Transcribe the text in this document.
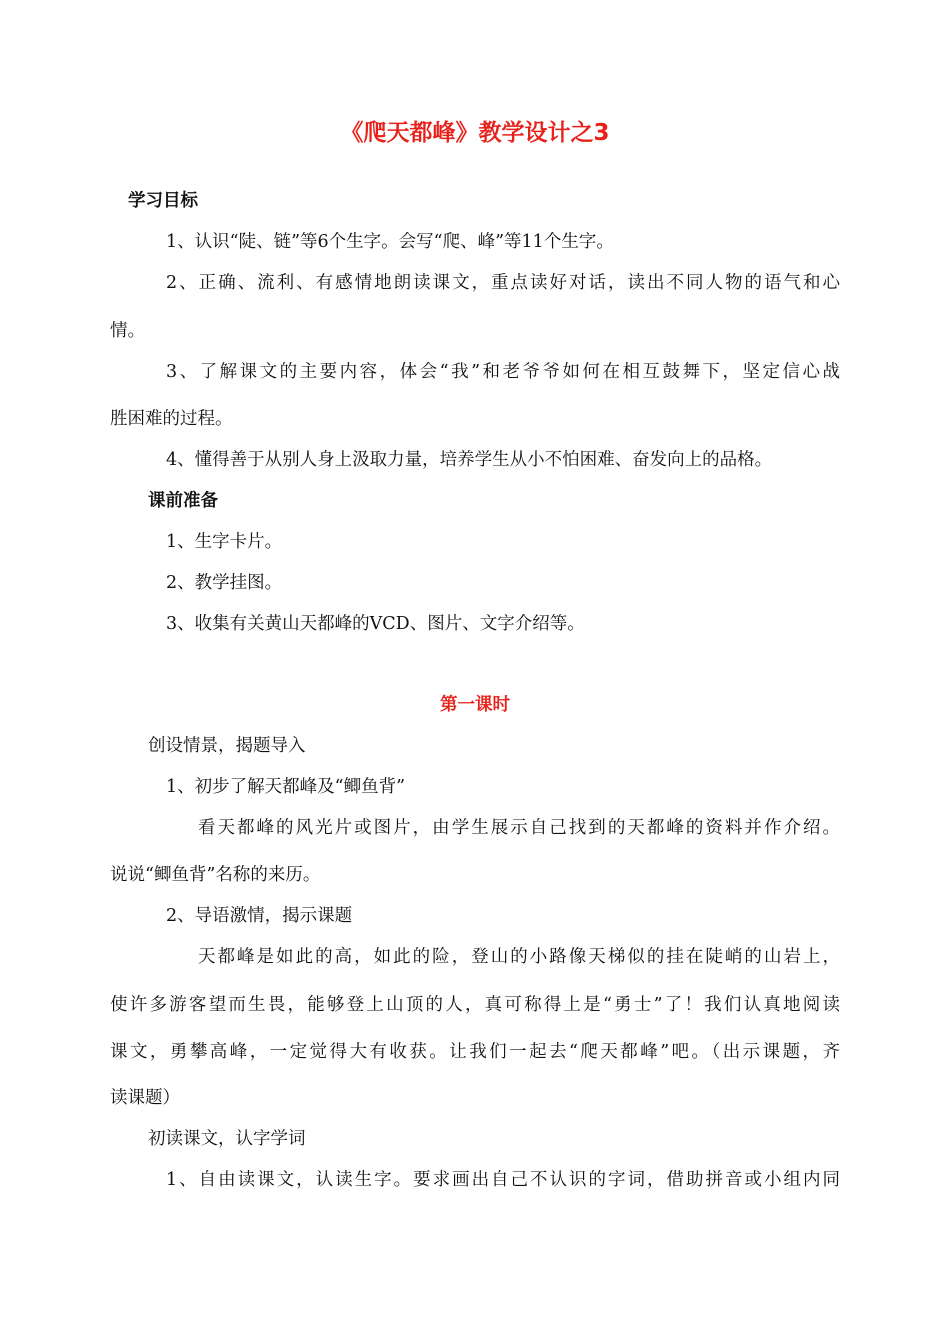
《爬天都峰》教学设计之3
学习目标
1、认识“陡、链”等6个生字。会写“爬、峰”等11个生字。
2、正确、流利、有感情地朗读课文，重点读好对话，读出不同人物的语气和心
情。
3、了解课文的主要内容，体会“我”和老爷爷如何在相互鼓舞下，坚定信心战
胜困难的过程。
4、懂得善于从别人身上汲取力量，培养学生从小不怕困难、奋发向上的品格。
课前准备
1、生字卡片。
2、教学挂图。
3、收集有关黄山天都峰的VCD、图片、文字介绍等。
第一课时
创设情景，揭题导入
1、初步了解天都峰及“鲫鱼背”
看天都峰的风光片或图片，由学生展示自己找到的天都峰的资料并作介绍。
说说“鲫鱼背”名称的来历。
2、导语激情，揭示课题
天都峰是如此的高，如此的险，登山的小路像天梯似的挂在陡峭的山岩上，
使许多游客望而生畏，能够登上山顶的人，真可称得上是“勇士”了！我们认真地阅读
课文，勇攀高峰，一定觉得大有收获。让我们一起去“爬天都峰”吧。（出示课题，齐
读课题）
初读课文，认字学词
1、自由读课文，认读生字。要求画出自己不认识的字词，借助拼音或小组内同
